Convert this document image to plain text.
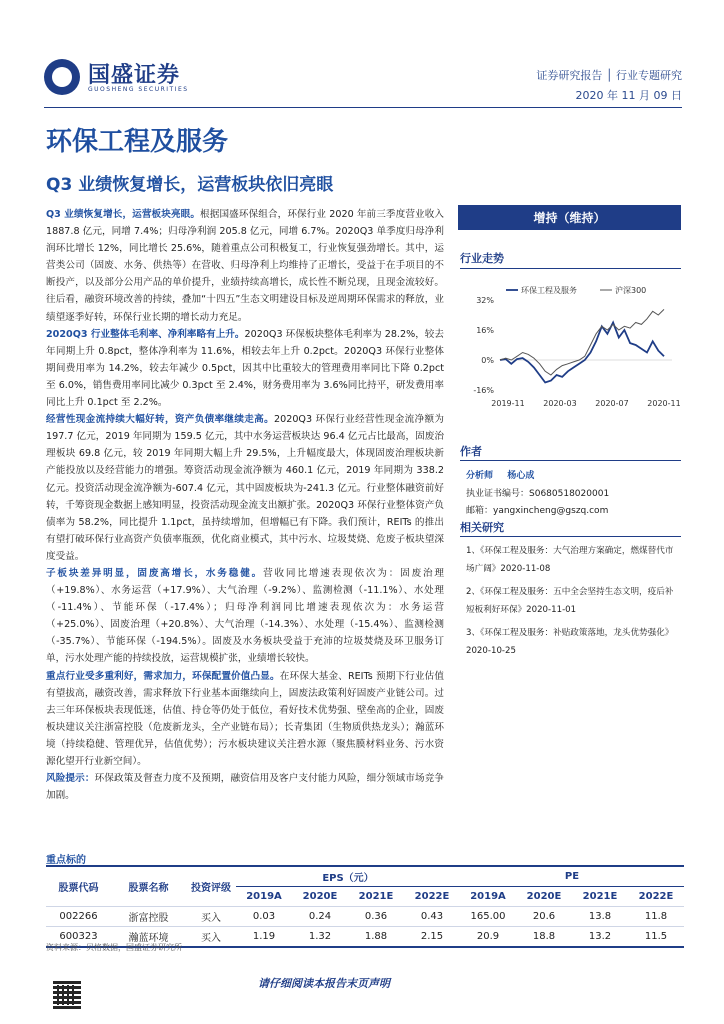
国盛证券
GUOSHENG SECURITIES
证券研究报告 │ 行业专题研究
2020 年 11 月 09 日
环保工程及服务
Q3 业绩恢复增长，运营板块依旧亮眼

Q3 业绩恢复增长，运营板块亮眼。根据国盛环保组合，环保行业 2020 年前三季度营业收入 1887.8 亿元，同增 7.4%；归母净利润 205.8 亿元，同增 6.7%。2020Q3 单季度归母净利润环比增长 12%，同比增长 25.6%，随着重点公司积极复工，行业恢复强劲增长。其中，运营类公司（固废、水务、供热等）在营收、归母净利上均维持了正增长，受益于在手项目的不断投产，以及部分公用产品的单价提升，业绩持续高增长，成长性不断兑现，且现金流较好。往后看，融资环境改善的持续，叠加“十四五”生态文明建设目标及逆周期环保需求的释放，业绩望逐季好转，环保行业长期的增长动力充足。

2020Q3 行业整体毛利率、净利率略有上升。2020Q3 环保板块整体毛利率为 28.2%，较去年同期上升 0.8pct，整体净利率为 11.6%，相较去年上升 0.2pct。2020Q3 环保行业整体期间费用率为 14.2%，较去年减少 0.5pct，因其中比重较大的管理费用率同比下降 0.2pct 至 6.0%，销售费用率同比减少 0.3pct 至 2.4%，财务费用率为 3.6%同比持平，研发费用率同比上升 0.1pct 至 2.2%。

经营性现金流持续大幅好转，资产负债率继续走高。2020Q3 环保行业经营性现金流净额为 197.7 亿元，2019 年同期为 159.5 亿元，其中水务运营板块达 96.4 亿元占比最高，固废治理板块 69.8 亿元，较 2019 年同期大幅上升 29.5%，上升幅度最大，体现固废治理板块新产能投放以及经营能力的增强。筹资活动现金流净额为 460.1 亿元，2019 年同期为 338.2 亿元。投资活动现金流净额为-607.4 亿元，其中固废板块为-241.3 亿元。行业整体融资前好转，千筹资现金数据上感知明显，投资活动现金流支出额扩张。2020Q3 环保行业整体资产负债率为 58.2%，同比提升 1.1pct，虽持续增加，但增幅已有下降。我们预计，REITs 的推出有望打破环保行业高资产负债率瓶颈，优化商业模式，其中污水、垃圾焚烧、危废子板块望深度受益。

子板块差异明显，固废高增长，水务稳健。营收同比增速表现依次为：固废治理（+19.8%）、水务运营（+17.9%）、大气治理（-9.2%）、监测检测（-11.1%）、水处理（-11.4%）、节能环保（-17.4%）；归母净利润同比增速表现依次为：水务运营（+25.0%）、固废治理（+20.8%）、大气治理（-14.3%）、水处理（-15.4%）、监测检测（-35.7%）、节能环保（-194.5%）。固废及水务板块受益于充沛的垃圾焚烧及环卫服务订单，污水处理产能的持续投放，运营规模扩张，业绩增长较快。

重点行业受多重利好，需求加力，环保配置价值凸显。在环保大基金、REITs 预期下行业估值有望拔高，融资改善，需求释放下行业基本面继续向上，固废法政策利好固废产业链公司。过去三年环保板块表现低迷，估值、持仓等仍处于低位，看好技术优势强、壁垒高的企业，固废板块建议关注浙富控股（危废新龙头，全产业链布局）；长青集团（生物质供热龙头）；瀚蓝环境（持续稳健、管理优异，估值优势）；污水板块建议关注碧水源（聚焦膜材料业务、污水资源化望开行业新空间）。

风险提示：环保政策及督查力度不及预期，融资信用及客户支付能力风险，细分领域市场竞争加剧。

增持（维持）
行业走势
32%
16%
0%
-16%
2019-11 2020-03 2020-07 2020-11
环保工程及服务	沪深300
作者
分析师 杨心成
执业证书编号：S0680518020001
邮箱：yangxincheng@gszq.com
相关研究

1、《环保工程及服务：大气治理方案确定，燃煤替代市场广阔》2020-11-08

2、《环保工程及服务：五中全会坚持生态文明，疫后补短板利好环保》2020-11-01

3、《环保工程及服务：补贴政策落地，龙头优势强化》2020-10-25

重点标的
股票代码	股票名称	投资评级	EPS（元）				PE			
			2019A	2020E	2021E	2022E	2019A	2020E	2021E	2022E
002266	浙富控股	买入	0.03	0.24	0.36	0.43	165.00	20.6	13.8	11.8
600323	瀚蓝环境	买入	1.19	1.32	1.88	2.15	20.9	18.8	13.2	11.5
资料来源：贝格数据，国盛证券研究所
请仔细阅读本报告末页声明
